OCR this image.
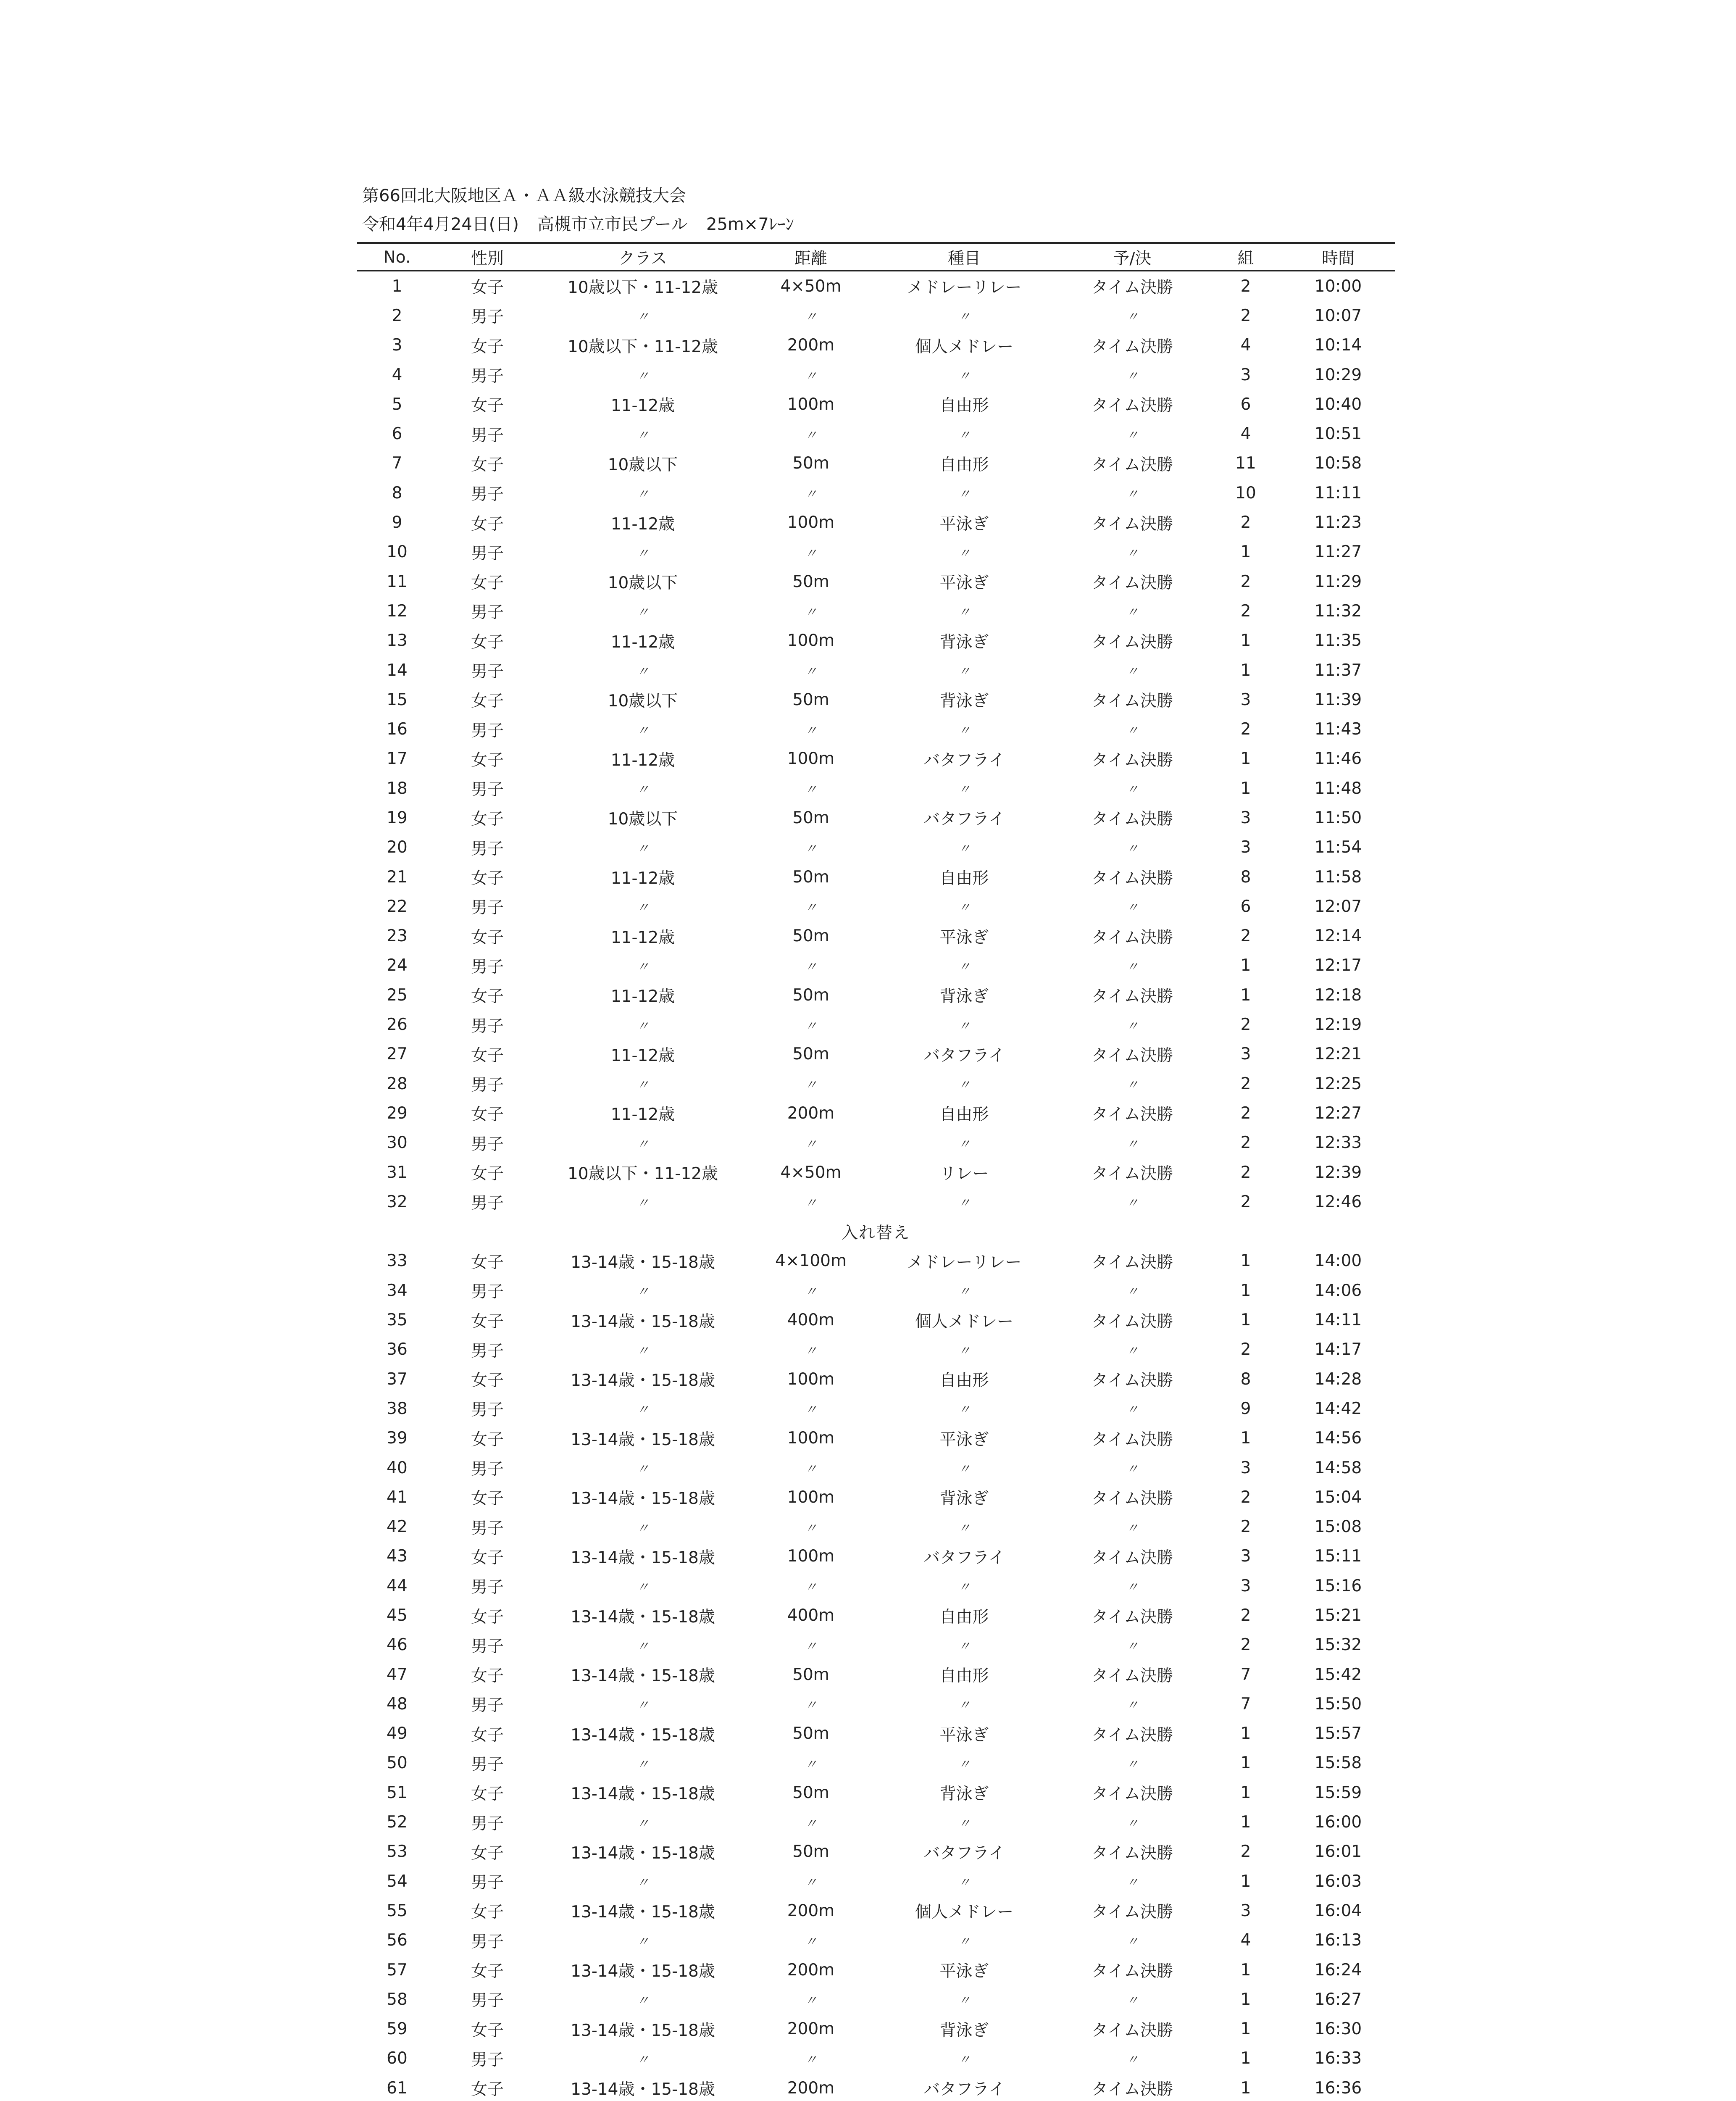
第66回北大阪地区Ａ・ＡＡ級水泳競技大会
令和4年4月24日(日) 高槻市立市民プール 25m×7ﾚｰﾝ
No.	性別	クラス	距離	種目	予/決	組	時間
1	女子	10歳以下・11-12歳	4×50m	メドレーリレー	タイム決勝	2	10:00
2	男子	〃	〃	〃	〃	2	10:07
3	女子	10歳以下・11-12歳	200m	個人メドレー	タイム決勝	4	10:14
4	男子	〃	〃	〃	〃	3	10:29
5	女子	11-12歳	100m	自由形	タイム決勝	6	10:40
6	男子	〃	〃	〃	〃	4	10:51
7	女子	10歳以下	50m	自由形	タイム決勝	11	10:58
8	男子	〃	〃	〃	〃	10	11:11
9	女子	11-12歳	100m	平泳ぎ	タイム決勝	2	11:23
10	男子	〃	〃	〃	〃	1	11:27
11	女子	10歳以下	50m	平泳ぎ	タイム決勝	2	11:29
12	男子	〃	〃	〃	〃	2	11:32
13	女子	11-12歳	100m	背泳ぎ	タイム決勝	1	11:35
14	男子	〃	〃	〃	〃	1	11:37
15	女子	10歳以下	50m	背泳ぎ	タイム決勝	3	11:39
16	男子	〃	〃	〃	〃	2	11:43
17	女子	11-12歳	100m	バタフライ	タイム決勝	1	11:46
18	男子	〃	〃	〃	〃	1	11:48
19	女子	10歳以下	50m	バタフライ	タイム決勝	3	11:50
20	男子	〃	〃	〃	〃	3	11:54
21	女子	11-12歳	50m	自由形	タイム決勝	8	11:58
22	男子	〃	〃	〃	〃	6	12:07
23	女子	11-12歳	50m	平泳ぎ	タイム決勝	2	12:14
24	男子	〃	〃	〃	〃	1	12:17
25	女子	11-12歳	50m	背泳ぎ	タイム決勝	1	12:18
26	男子	〃	〃	〃	〃	2	12:19
27	女子	11-12歳	50m	バタフライ	タイム決勝	3	12:21
28	男子	〃	〃	〃	〃	2	12:25
29	女子	11-12歳	200m	自由形	タイム決勝	2	12:27
30	男子	〃	〃	〃	〃	2	12:33
31	女子	10歳以下・11-12歳	4×50m	リレー	タイム決勝	2	12:39
32	男子	〃	〃	〃	〃	2	12:46
入れ替え							
33	女子	13-14歳・15-18歳	4×100m	メドレーリレー	タイム決勝	1	14:00
34	男子	〃	〃	〃	〃	1	14:06
35	女子	13-14歳・15-18歳	400m	個人メドレー	タイム決勝	1	14:11
36	男子	〃	〃	〃	〃	2	14:17
37	女子	13-14歳・15-18歳	100m	自由形	タイム決勝	8	14:28
38	男子	〃	〃	〃	〃	9	14:42
39	女子	13-14歳・15-18歳	100m	平泳ぎ	タイム決勝	1	14:56
40	男子	〃	〃	〃	〃	3	14:58
41	女子	13-14歳・15-18歳	100m	背泳ぎ	タイム決勝	2	15:04
42	男子	〃	〃	〃	〃	2	15:08
43	女子	13-14歳・15-18歳	100m	バタフライ	タイム決勝	3	15:11
44	男子	〃	〃	〃	〃	3	15:16
45	女子	13-14歳・15-18歳	400m	自由形	タイム決勝	2	15:21
46	男子	〃	〃	〃	〃	2	15:32
47	女子	13-14歳・15-18歳	50m	自由形	タイム決勝	7	15:42
48	男子	〃	〃	〃	〃	7	15:50
49	女子	13-14歳・15-18歳	50m	平泳ぎ	タイム決勝	1	15:57
50	男子	〃	〃	〃	〃	1	15:58
51	女子	13-14歳・15-18歳	50m	背泳ぎ	タイム決勝	1	15:59
52	男子	〃	〃	〃	〃	1	16:00
53	女子	13-14歳・15-18歳	50m	バタフライ	タイム決勝	2	16:01
54	男子	〃	〃	〃	〃	1	16:03
55	女子	13-14歳・15-18歳	200m	個人メドレー	タイム決勝	3	16:04
56	男子	〃	〃	〃	〃	4	16:13
57	女子	13-14歳・15-18歳	200m	平泳ぎ	タイム決勝	1	16:24
58	男子	〃	〃	〃	〃	1	16:27
59	女子	13-14歳・15-18歳	200m	背泳ぎ	タイム決勝	1	16:30
60	男子	〃	〃	〃	〃	1	16:33
61	女子	13-14歳・15-18歳	200m	バタフライ	タイム決勝	1	16:36
